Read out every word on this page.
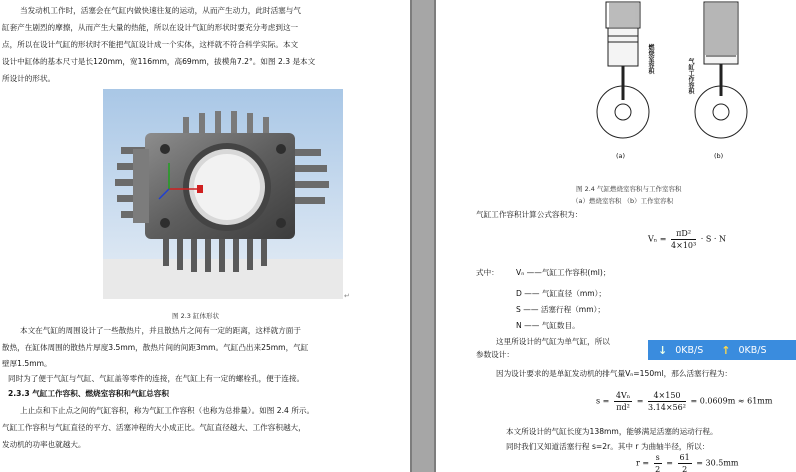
当发动机工作时，活塞会在气缸内做快速往复的运动，从而产生动力，此时活塞与气

缸套产生剧烈的摩擦，从而产生大量的热能，所以在设计气缸的形状时要充分考虑到这一

点，所以在设计气缸的形状时不能把气缸设计成一个实体，这样就不符合科学实际。本文

设计中缸体的基本尺寸是长120mm，宽116mm，高69mm，拔模角7.2°。如图 2.3 是本文

所设计的形状。

↵
图 2.3 缸体形状

本文在气缸的周围设计了一些散热片，并且散热片之间有一定的距离，这样就方面于

散热，在缸体周围的散热片厚度3.5mm，散热片间的间距3mm。气缸凸出来25mm，气缸

壁厚1.5mm。

同时为了便于气缸与气缸、气缸盖等零件的连接，在气缸上有一定的螺栓孔，便于连接。

2.3.3 气缸工作容积、燃烧室容积和气缸总容积

上止点和下止点之间的气缸容积，称为气缸工作容积（也称为总排量）。如图 2.4 所示。

气缸工作容积与气缸直径的平方、活塞冲程的大小成正比。气缸直径越大、工作容积越大，

发动机的功率也就越大。

燃烧室容积	气缸工作容积
(a)	(b)
图 2.4 气缸燃烧室容积与工作室容积
（a）燃烧室容积 （b）工作室容积

气缸工作容积计算公式容积为：

$V_n = \frac{\text{πD²}}{\text{4×10³}} \cdot S \cdot N$

式中： Vₙ ——气缸工作容积(ml)；

D —— 气缸直径（mm）；

S —— 活塞行程（mm）；

N —— 气缸数目。

这里所设计的气缸为单气缸，所以

参数设计：

因为设计要求的是单缸发动机的排气量Vₙ=150ml，那么活塞行程为：

$s = \frac{\text{4Vₙ}}{\text{πd²}} = \frac{4\times 150}{\text{3.14×56²}} = 0.0609m \approx 61mm$

本文所设计的气缸长度为138mm，能够满足活塞的运动行程。

同时我们又知道活塞行程 s=2r。其中 r 为曲轴半径，所以：

$r = \frac{s}{2} = \frac{61}{2} = 30.5mm$
↓ 0KB/S ↑ 0KB/S
